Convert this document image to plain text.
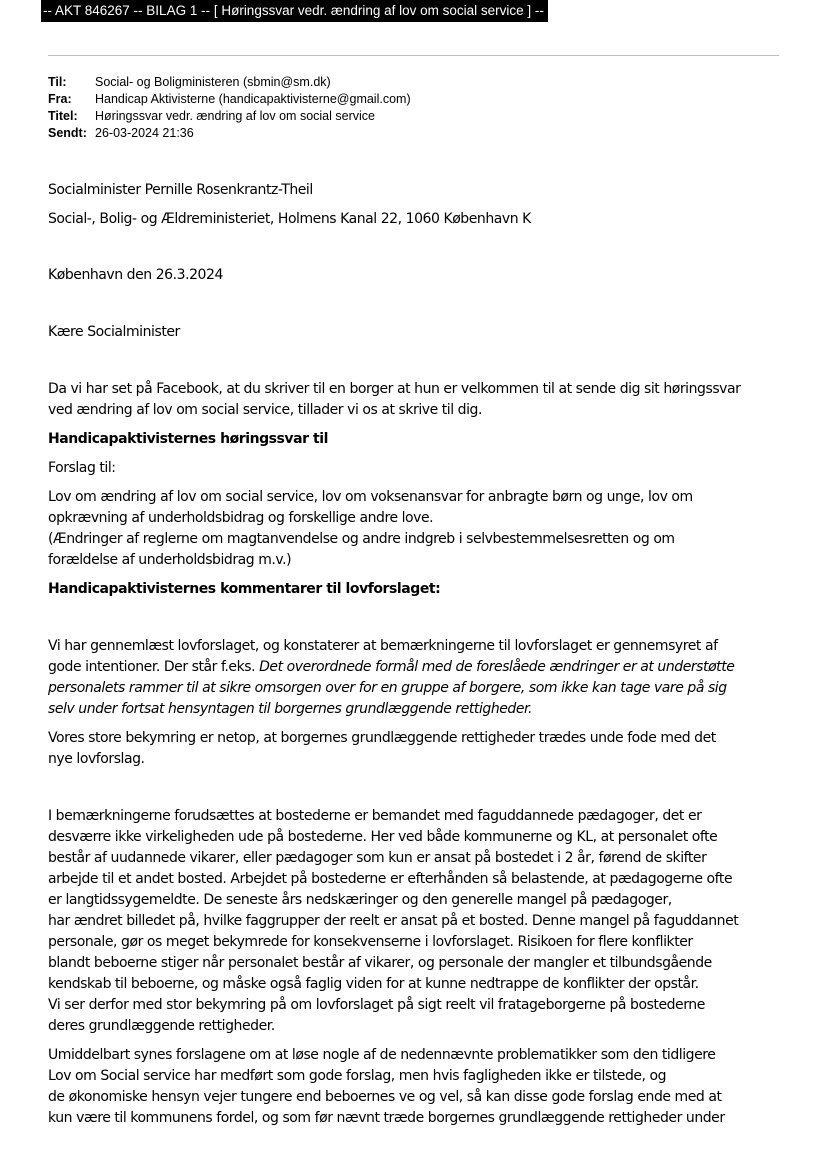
-- AKT 846267 -- BILAG 1 -- [ Høringssvar vedr. ændring af lov om social service ] --
Til: Social- og Boligministeren (sbmin@sm.dk)
Fra: Handicap Aktivisterne (handicapaktivisterne@gmail.com)
Titel: Høringssvar vedr. ændring af lov om social service
Sendt: 26-03-2024 21:36

Socialminister Pernille Rosenkrantz-Theil

Social-, Bolig- og Ældreministeriet, Holmens Kanal 22, 1060 København K

København den 26.3.2024

Kære Socialminister

Da vi har set på Facebook, at du skriver til en borger at hun er velkommen til at sende dig sit høringssvar
ved ændring af lov om social service, tillader vi os at skrive til dig.

Handicapaktivisternes høringssvar til

Forslag til:

Lov om ændring af lov om social service, lov om voksenansvar for anbragte børn og unge, lov om
opkrævning af underholdsbidrag og forskellige andre love.
(Ændringer af reglerne om magtanvendelse og andre indgreb i selvbestemmelsesretten og om
forældelse af underholdsbidrag m.v.)

Handicapaktivisternes kommentarer til lovforslaget:

Vi har gennemlæst lovforslaget, og konstaterer at bemærkningerne til lovforslaget er gennemsyret af
gode intentioner. Der står f.eks. Det overordnede formål med de foreslåede ændringer er at understøtte
personalets rammer til at sikre omsorgen over for en gruppe af borgere, som ikke kan tage vare på sig
selv under fortsat hensyntagen til borgernes grundlæggende rettigheder.

Vores store bekymring er netop, at borgernes grundlæggende rettigheder trædes unde fode med det
nye lovforslag.

I bemærkningerne forudsættes at bostederne er bemandet med faguddannede pædagoger, det er
desværre ikke virkeligheden ude på bostederne. Her ved både kommunerne og KL, at personalet ofte
består af uudannede vikarer, eller pædagoger som kun er ansat på bostedet i 2 år, førend de skifter
arbejde til et andet bosted. Arbejdet på bostederne er efterhånden så belastende, at pædagogerne ofte
er langtidssygemeldte. De seneste års nedskæringer og den generelle mangel på pædagoger,
har ændret billedet på, hvilke faggrupper der reelt er ansat på et bosted. Denne mangel på faguddannet
personale, gør os meget bekymrede for konsekvenserne i lovforslaget. Risikoen for flere konflikter
blandt beboerne stiger når personalet består af vikarer, og personale der mangler et tilbundsgående
kendskab til beboerne, og måske også faglig viden for at kunne nedtrappe de konflikter der opstår.
Vi ser derfor med stor bekymring på om lovforslaget på sigt reelt vil fratageborgerne på bostederne
deres grundlæggende rettigheder.

Umiddelbart synes forslagene om at løse nogle af de nedennævnte problematikker som den tidligere
Lov om Social service har medført som gode forslag, men hvis fagligheden ikke er tilstede, og
de økonomiske hensyn vejer tungere end beboernes ve og vel, så kan disse gode forslag ende med at
kun være til kommunens fordel, og som før nævnt træde borgernes grundlæggende rettigheder under
